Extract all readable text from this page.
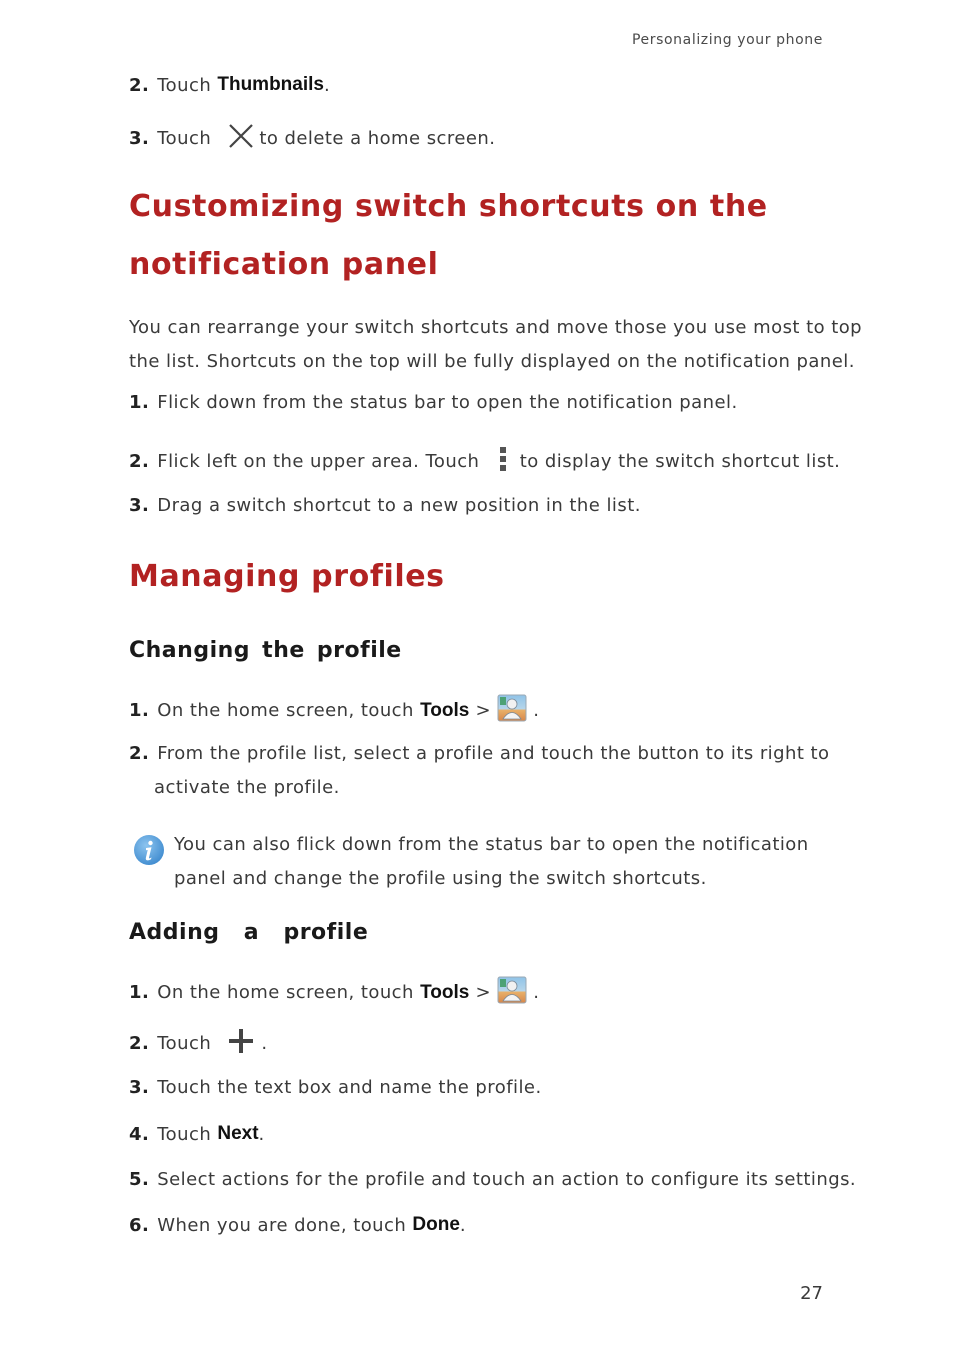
Personalizing your phone
2. Touch Thumbnails .
3. Touch to delete a home screen.
Customizing switch shortcuts on the
notification panel
You can rearrange your switch shortcuts and move those you use most to top
the list. Shortcuts on the top will be fully displayed on the notification panel.
1. Flick down from the status bar to open the notification panel.
2. Flick left on the upper area. Touch to display the switch shortcut list.
3. Drag a switch shortcut to a new position in the list.
Managing profiles
Changing the profile
1. On the home screen, touch Tools > .
2. From the profile list, select a profile and touch the button to its right to
activate the profile.
You can also flick down from the status bar to open the notification
panel and change the profile using the switch shortcuts.
Adding  a  profile
1. On the home screen, touch Tools > .
2. Touch .
3. Touch the text box and name the profile.
4. Touch Next .
5. Select actions for the profile and touch an action to configure its settings.
6. When you are done, touch Done .
27
